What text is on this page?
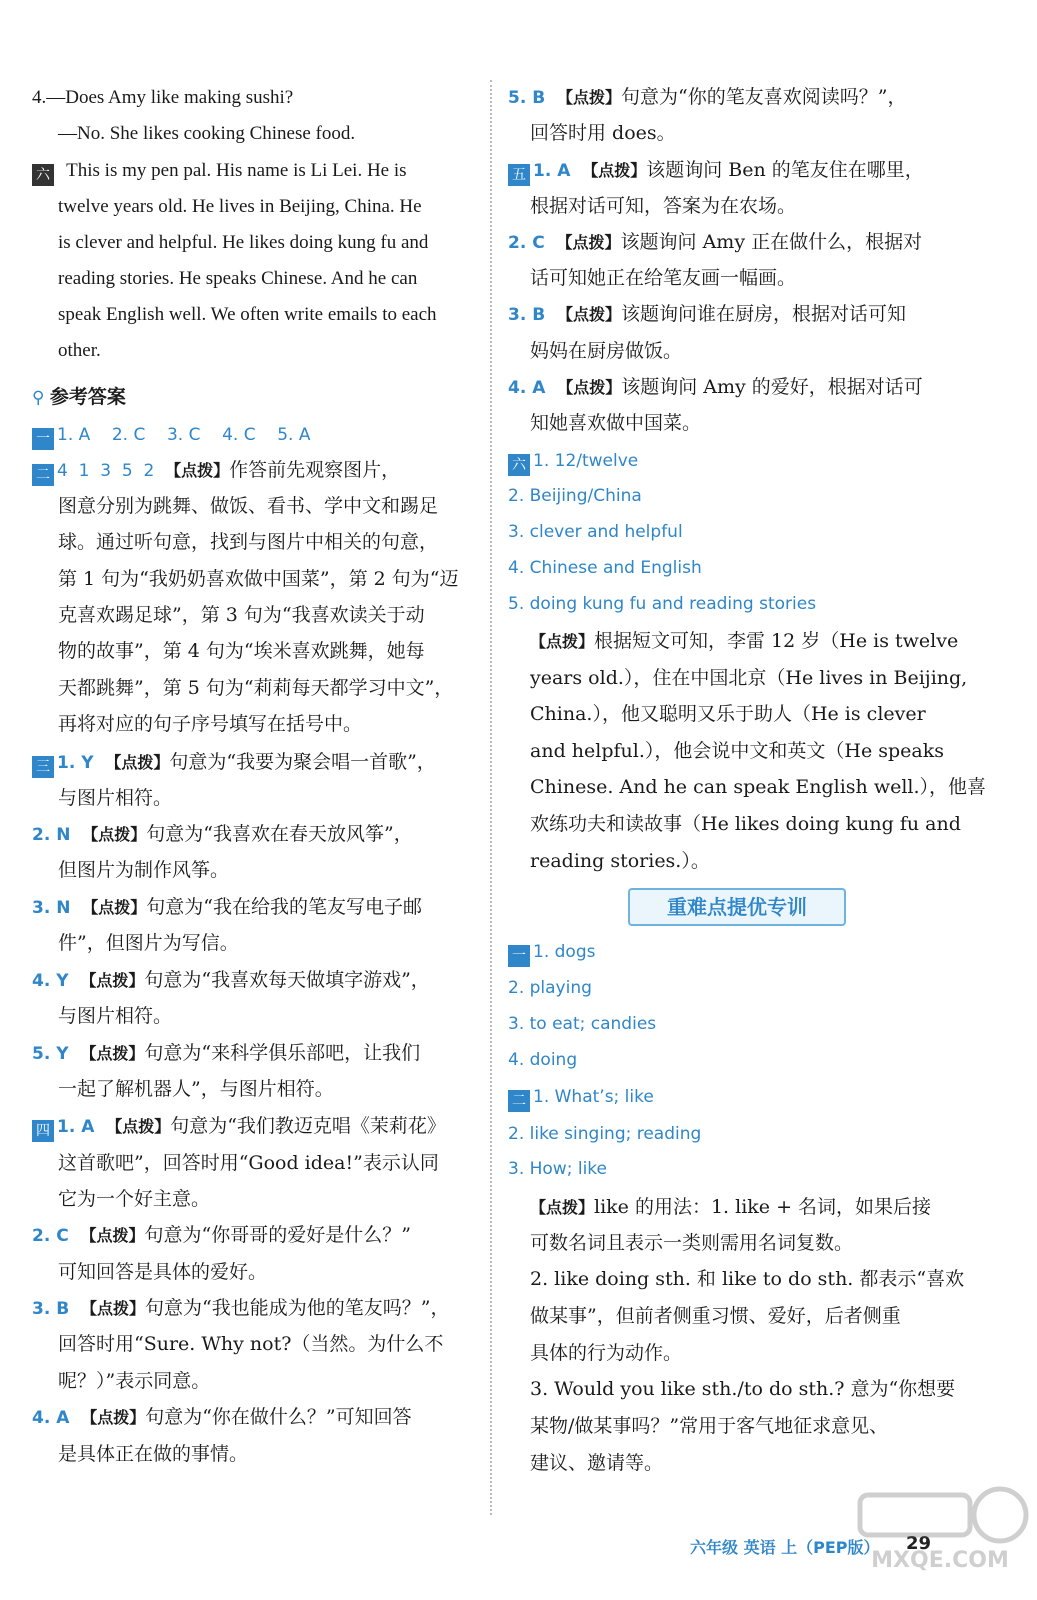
4.—Does Amy like making sushi?
—No. She likes cooking Chinese food.
六  This is my pen pal. His name is Li Lei. He is
twelve years old. He lives in Beijing, China. He
is clever and helpful. He likes doing kung fu and
reading stories. He speaks Chinese. And he can
speak English well. We often write emails to each
other.
⚲ 参考答案
一 1. A    2. C    3. C    4. C    5. A
二 4  1  3  5  2  【点拨】作答前先观察图片，
图意分别为跳舞、做饭、看书、学中文和踢足
球。通过听句意，找到与图片中相关的句意，
第 1 句为“我奶奶喜欢做中国菜”，第 2 句为“迈
克喜欢踢足球”，第 3 句为“我喜欢读关于动
物的故事”，第 4 句为“埃米喜欢跳舞，她每
天都跳舞”，第 5 句为“莉莉每天都学习中文”，
再将对应的句子序号填写在括号中。
三 1. Y  【点拨】句意为“我要为聚会唱一首歌”，
与图片相符。
2. N  【点拨】句意为“我喜欢在春天放风筝”，
但图片为制作风筝。
3. N  【点拨】句意为“我在给我的笔友写电子邮
件”，但图片为写信。
4. Y  【点拨】句意为“我喜欢每天做填字游戏”，
与图片相符。
5. Y  【点拨】句意为“来科学俱乐部吧，让我们
一起了解机器人”，与图片相符。
四 1. A  【点拨】句意为“我们教迈克唱《茉莉花》
这首歌吧”，回答时用“Good idea!”表示认同
它为一个好主意。
2. C  【点拨】句意为“你哥哥的爱好是什么？”
可知回答是具体的爱好。
3. B  【点拨】句意为“我也能成为他的笔友吗？”，
回答时用“Sure. Why not?（当然。为什么不
呢？）”表示同意。
4. A  【点拨】句意为“你在做什么？”可知回答
是具体正在做的事情。
重难点提优专训
5. B  【点拨】句意为“你的笔友喜欢阅读吗？”，
回答时用 does。
五 1. A  【点拨】该题询问 Ben 的笔友住在哪里，
根据对话可知，答案为在农场。
2. C  【点拨】该题询问 Amy 正在做什么，根据对
话可知她正在给笔友画一幅画。
3. B  【点拨】该题询问谁在厨房，根据对话可知
妈妈在厨房做饭。
4. A  【点拨】该题询问 Amy 的爱好，根据对话可
知她喜欢做中国菜。
六 1. 12/twelve
2. Beijing/China
3. clever and helpful
4. Chinese and English
5. doing kung fu and reading stories
【点拨】根据短文可知，李雷 12 岁（He is twelve
years old.），住在中国北京（He lives in Beijing,
China.），他又聪明又乐于助人（He is clever
and helpful.），他会说中文和英文（He speaks
Chinese. And he can speak English well.），他喜
欢练功夫和读故事（He likes doing kung fu and
reading stories.）。
一 1. dogs
2. playing
3. to eat; candies
4. doing
二 1. What’s; like
2. like singing; reading
3. How; like
【点拨】like 的用法：1. like + 名词，如果后接
可数名词且表示一类则需用名词复数。
2. like doing sth. 和 like to do sth. 都表示“喜欢
做某事”，但前者侧重习惯、爱好，后者侧重
具体的行为动作。
3. Would you like sth./to do sth.? 意为“你想要
某物/做某事吗？”常用于客气地征求意见、
建议、邀请等。
六年级 英语 上（PEP版）	29
MXQE.COM
